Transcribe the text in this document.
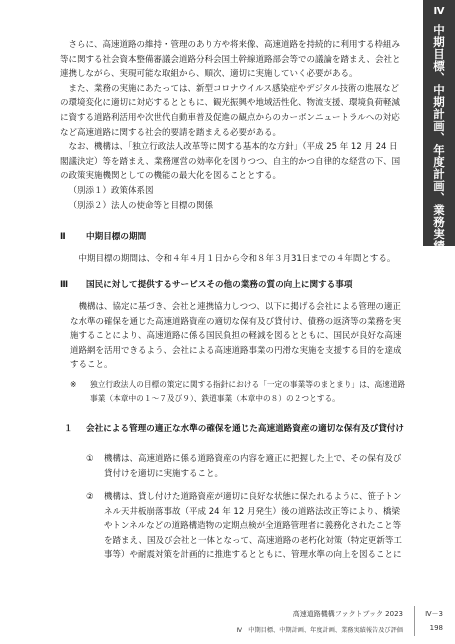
Ⅳ
中期目標、中期計画、年度計画、業務実績報告及び評価

さらに、高速道路の維持・管理のあり方や将来像、高速道路を持続的に利用する枠組み等に関する社会資本整備審議会道路分科会国土幹線道路部会等での議論を踏まえ、会社と連携しながら、実現可能な取組から、順次、適切に実施していく必要がある。

また、業務の実施にあたっては、新型コロナウイルス感染症やデジタル技術の進展などの環境変化に適切に対応するとともに、観光振興や地域活性化、物流支援、環境負荷軽減に資する道路利活用や次世代自動車普及促進の観点からのカーボンニュートラルへの対応など高速道路に関する社会的要請を踏まえる必要がある。

なお、機構は、「独立行政法人改革等に関する基本的な方針」（平成 25 年 12 月 24 日閣議決定）等を踏まえ、業務運営の効率化を図りつつ、自主的かつ自律的な経営の下、国の政策実施機関としての機能の最大化を図ることとする。

（別添１）政策体系図

（別添２）法人の使命等と目標の関係

Ⅱ 中期目標の期間
中期目標の期間は、令和４年４月１日から令和８年３月31日までの４年間とする。
Ⅲ 国民に対して提供するサービスその他の業務の質の向上に関する事項
機構は、協定に基づき、会社と連携協力しつつ、以下に掲げる会社による管理の適正な水準の確保を通じた高速道路資産の適切な保有及び貸付け、債務の返済等の業務を実施することにより、高速道路に係る国民負担の軽減を図るとともに、国民が良好な高速道路網を活用できるよう、会社による高速道路事業の円滑な実施を支援する目的を達成すること。
※	独立行政法人の目標の策定に関する指針における「一定の事業等のまとまり」は、高速道路事業（本章中の１～７及び９）、鉄道事業（本章中の８）の２つとする。
１	会社による管理の適正な水準の確保を通じた高速道路資産の適切な保有及び貸付け
①	機構は、高速道路に係る道路資産の内容を適正に把握した上で、その保有及び貸付けを適切に実施すること。
②	機構は、貸し付けた道路資産が適切に良好な状態に保たれるように、笹子トンネル天井板崩落事故（平成 24 年 12 月発生）後の道路法改正等により、橋梁やトンネルなどの道路構造物の定期点検が全道路管理者に義務化されたこと等を踏まえ、国及び会社と一体となって、高速道路の老朽化対策（特定更新等工事等）や耐震対策を計画的に推進するとともに、管理水準の向上を図ることに
高速道路機構ファクトブック 2023
Ⅳ　中期目標、中期計画、年度計画、業務実績報告及び評価
Ⅳ－3
198
